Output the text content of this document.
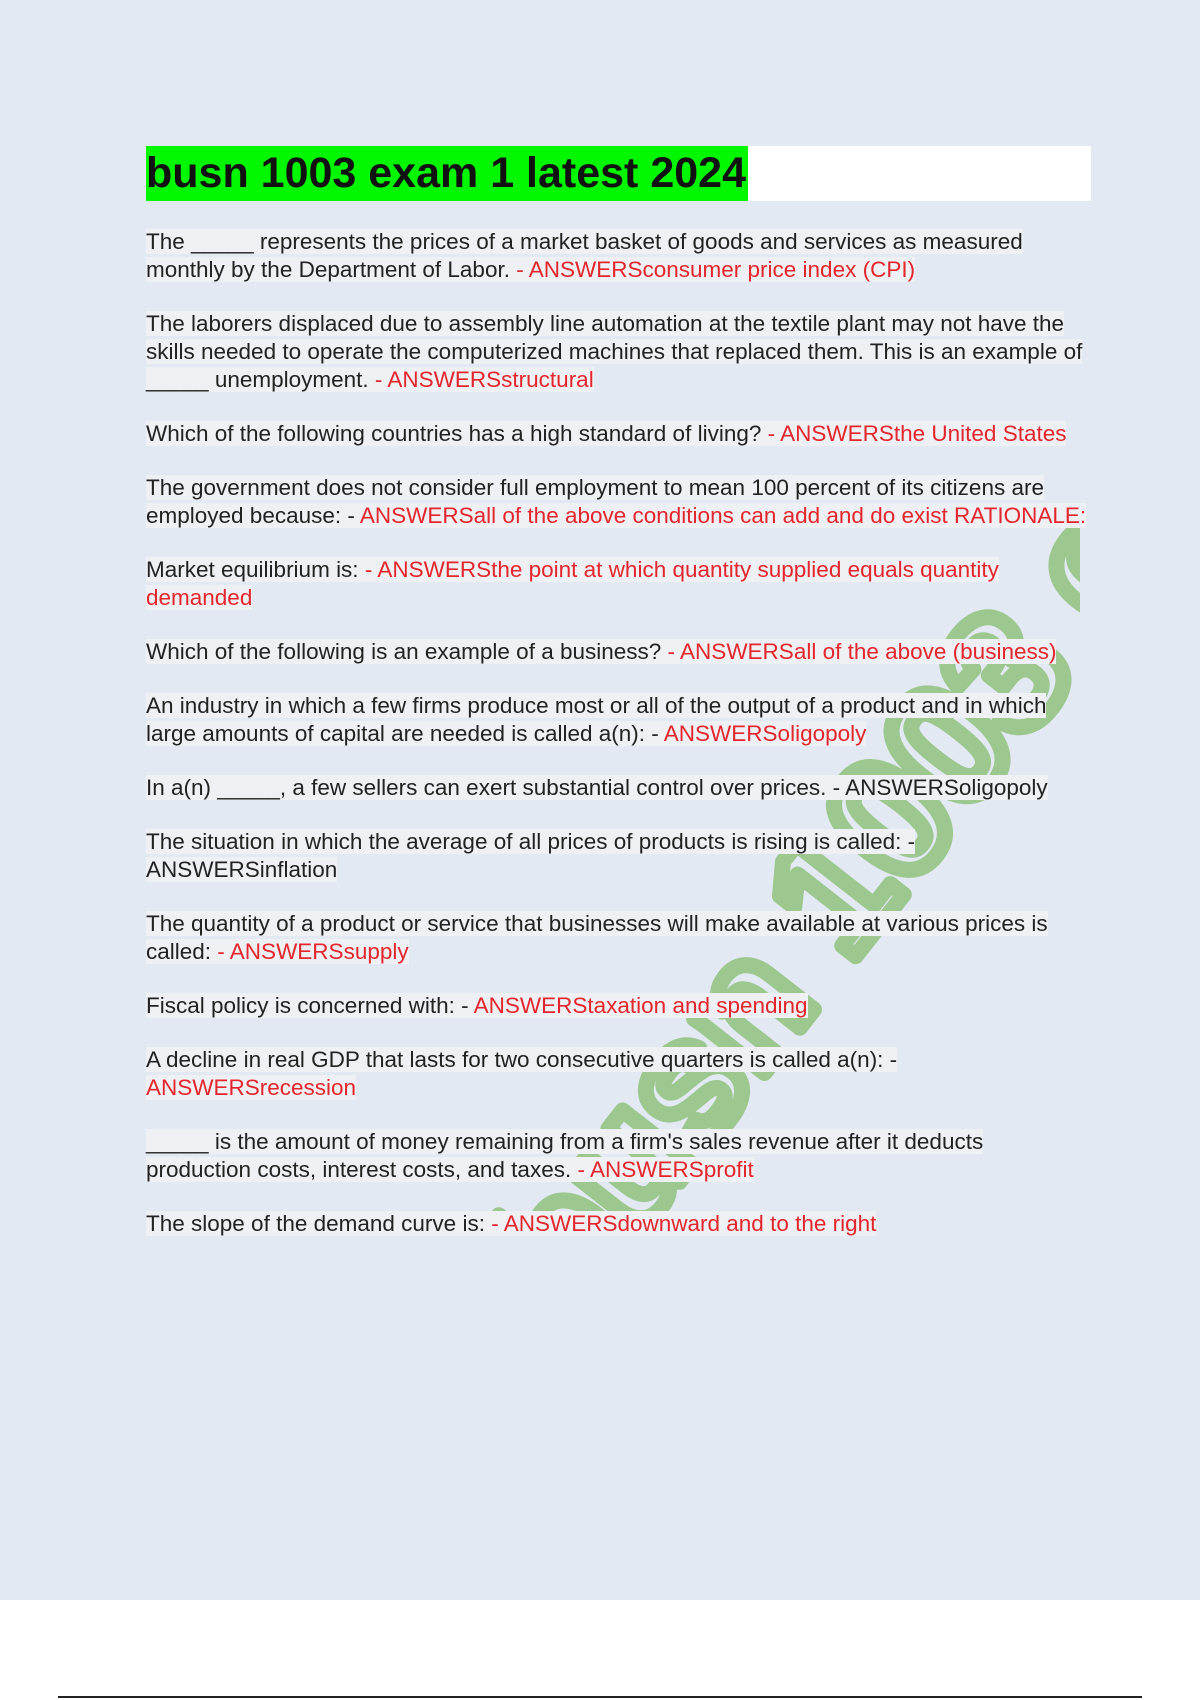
busn
busn 1003 exam 1 latest 2024

The _____ represents the prices of a market basket of goods and services as measured monthly by the Department of Labor. - ANSWERSconsumer price index (CPI)

The laborers displaced due to assembly line automation at the textile plant may not have the skills needed to operate the computerized machines that replaced them. This is an example of _____ unemployment. - ANSWERSstructural

Which of the following countries has a high standard of living? - ANSWERSthe United States

The government does not consider full employment to mean 100 percent of its citizens are employed because: - ANSWERSall of the above conditions can add and do exist RATIONALE:

Market equilibrium is: - ANSWERSthe point at which quantity supplied equals quantity demanded

Which of the following is an example of a business? - ANSWERSall of the above (business)

An industry in which a few firms produce most or all of the output of a product and in which large amounts of capital are needed is called a(n): - ANSWERSoligopoly

In a(n) _____, a few sellers can exert substantial control over prices. - ANSWERSoligopoly

The situation in which the average of all prices of products is rising is called: - ANSWERSinflation

The quantity of a product or service that businesses will make available at various prices is called: - ANSWERSsupply

Fiscal policy is concerned with: - ANSWERStaxation and spending

A decline in real GDP that lasts for two consecutive quarters is called a(n): - ANSWERSrecession

_____ is the amount of money remaining from a firm's sales revenue after it deducts production costs, interest costs, and taxes. - ANSWERSprofit

The slope of the demand curve is: - ANSWERSdownward and to the right
